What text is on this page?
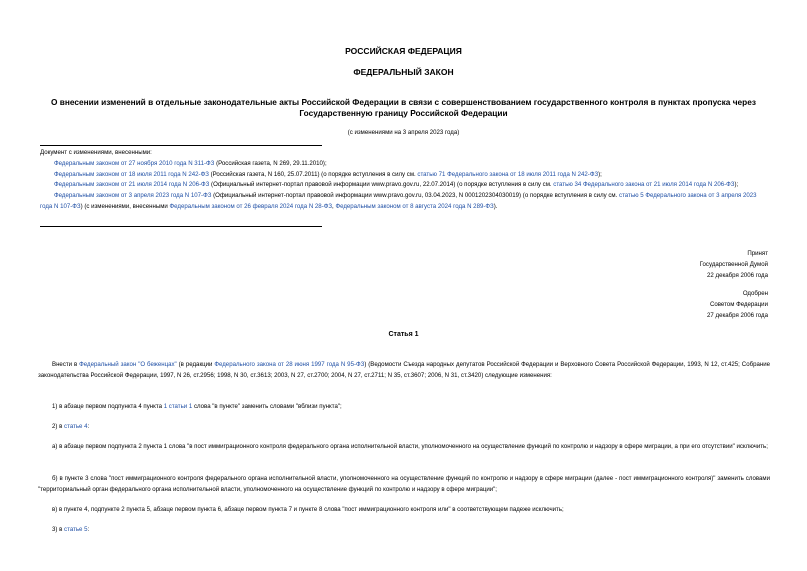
РОССИЙСКАЯ ФЕДЕРАЦИЯ
ФЕДЕРАЛЬНЫЙ ЗАКОН
О внесении изменений в отдельные законодательные акты Российской Федерации в связи с совершенствованием государственного контроля в пунктах пропуска через Государственную границу Российской Федерации
(с изменениями на 3 апреля 2023 года)
Документ с изменениями, внесенными:

Федеральным законом от 27 ноября 2010 года N 311-ФЗ (Российская газета, N 269, 29.11.2010);

Федеральным законом от 18 июля 2011 года N 242-ФЗ (Российская газета, N 160, 25.07.2011) (о порядке вступления в силу см. статью 71 Федерального закона от 18 июля 2011 года N 242-ФЗ);

Федеральным законом от 21 июля 2014 года N 206-ФЗ (Официальный интернет-портал правовой информации www.pravo.gov.ru, 22.07.2014) (о порядке вступления в силу см. статью 34 Федерального закона от 21 июля 2014 года N 206-ФЗ);

Федеральным законом от 3 апреля 2023 года N 107-ФЗ (Официальный интернет-портал правовой информации www.pravo.gov.ru, 03.04.2023, N 0001202304030019) (о порядке вступления в силу см. статью 5 Федерального закона от 3 апреля 2023 года N 107-ФЗ) (с изменениями, внесенными Федеральным законом от 26 февраля 2024 года N 28-ФЗ, Федеральным законом от 8 августа 2024 года N 289-ФЗ).

Принят
Государственной Думой
22 декабря 2006 года
Одобрен
Советом Федерации
27 декабря 2006 года
Статья 1
Внести в Федеральный закон "О беженцах" (в редакции Федерального закона от 28 июня 1997 года N 95-ФЗ) (Ведомости Съезда народных депутатов Российской Федерации и Верховного Совета Российской Федерации, 1993, N 12, ст.425; Собрание законодательства Российской Федерации, 1997, N 26, ст.2956; 1998, N 30, ст.3613; 2003, N 27, ст.2700; 2004, N 27, ст.2711; N 35, ст.3607; 2006, N 31, ст.3420) следующие изменения:
1) в абзаце первом подпункта 4 пункта 1 статьи 1 слова "в пункте" заменить словами "вблизи пункта";
2) в статье 4:
а) в абзаце первом подпункта 2 пункта 1 слова "в пост иммиграционного контроля федерального органа исполнительной власти, уполномоченного на осуществление функций по контролю и надзору в сфере миграции, а при его отсутствии" исключить;
б) в пункте 3 слова "пост иммиграционного контроля федерального органа исполнительной власти, уполномоченного на осуществление функций по контролю и надзору в сфере миграции (далее - пост иммиграционного контроля)" заменить словами "территориальный орган федерального органа исполнительной власти, уполномоченного на осуществление функций по контролю и надзору в сфере миграции";
в) в пункте 4, подпункте 2 пункта 5, абзаце первом пункта 6, абзаце первом пункта 7 и пункте 8 слова "пост иммиграционного контроля или" в соответствующем падеже исключить;
3) в статье 5:
